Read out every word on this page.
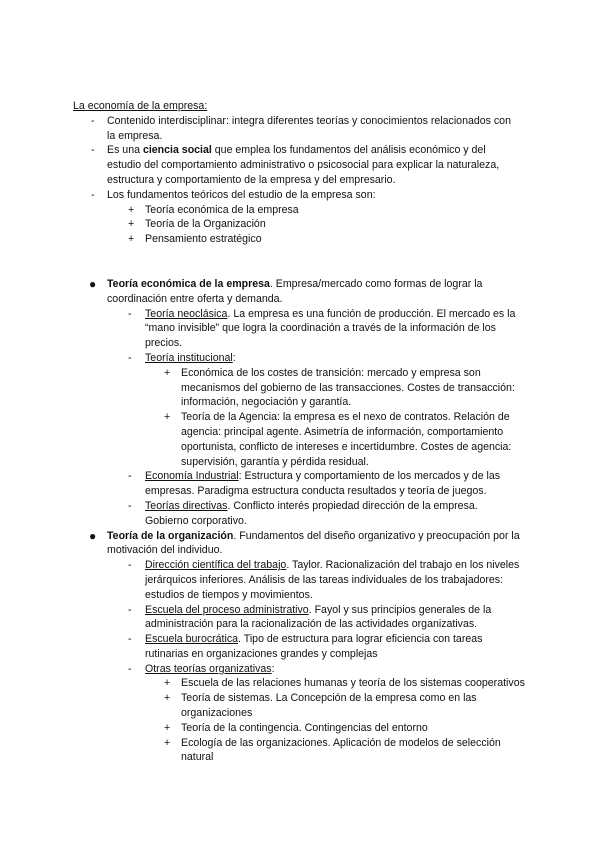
La economía de la empresa:
- Contenido interdisciplinar: integra diferentes teorías y conocimientos relacionados con la empresa.
- Es una ciencia social que emplea los fundamentos del análisis económico y del estudio del comportamiento administrativo o psicosocial para explicar la naturaleza, estructura y comportamiento de la empresa y del empresario.
- Los fundamentos teóricos del estudio de la empresa son:
+ Teoría económica de la empresa
+ Teoría de la Organización
+ Pensamiento estratégico
● Teoría económica de la empresa. Empresa/mercado como formas de lograr la coordinación entre oferta y demanda.
- Teoría neoclásica. La empresa es una función de producción. El mercado es la “mano invisible” que logra la coordinación a través de la información de los precios.
- Teoría institucional:
+ Económica de los costes de transición: mercado y empresa son mecanismos del gobierno de las transacciones. Costes de transacción: información, negociación y garantía.
+ Teoría de la Agencia: la empresa es el nexo de contratos. Relación de agencia: principal agente. Asimetría de información, comportamiento oportunista, conflicto de intereses e incertidumbre. Costes de agencia: supervisión, garantía y pérdida residual.
- Economía Industrial: Estructura y comportamiento de los mercados y de las empresas. Paradigma estructura conducta resultados y teoría de juegos.
- Teorías directivas. Conflicto interés propiedad dirección de la empresa. Gobierno corporativo.
● Teoría de la organización. Fundamentos del diseño organizativo y preocupación por la motivación del individuo.
- Dirección científica del trabajo. Taylor. Racionalización del trabajo en los niveles jerárquicos inferiores. Análisis de las tareas individuales de los trabajadores: estudios de tiempos y movimientos.
- Escuela del proceso administrativo. Fayol y sus principios generales de la administración para la racionalización de las actividades organizativas.
- Escuela burocrática. Tipo de estructura para lograr eficiencia con tareas rutinarias en organizaciones grandes y complejas
- Otras teorías organizativas:
+ Escuela de las relaciones humanas y teoría de los sistemas cooperativos
+ Teoría de sistemas. La Concepción de la empresa como en las organizaciones
+ Teoría de la contingencia. Contingencias del entorno
+ Ecología de las organizaciones. Aplicación de modelos de selección natural
